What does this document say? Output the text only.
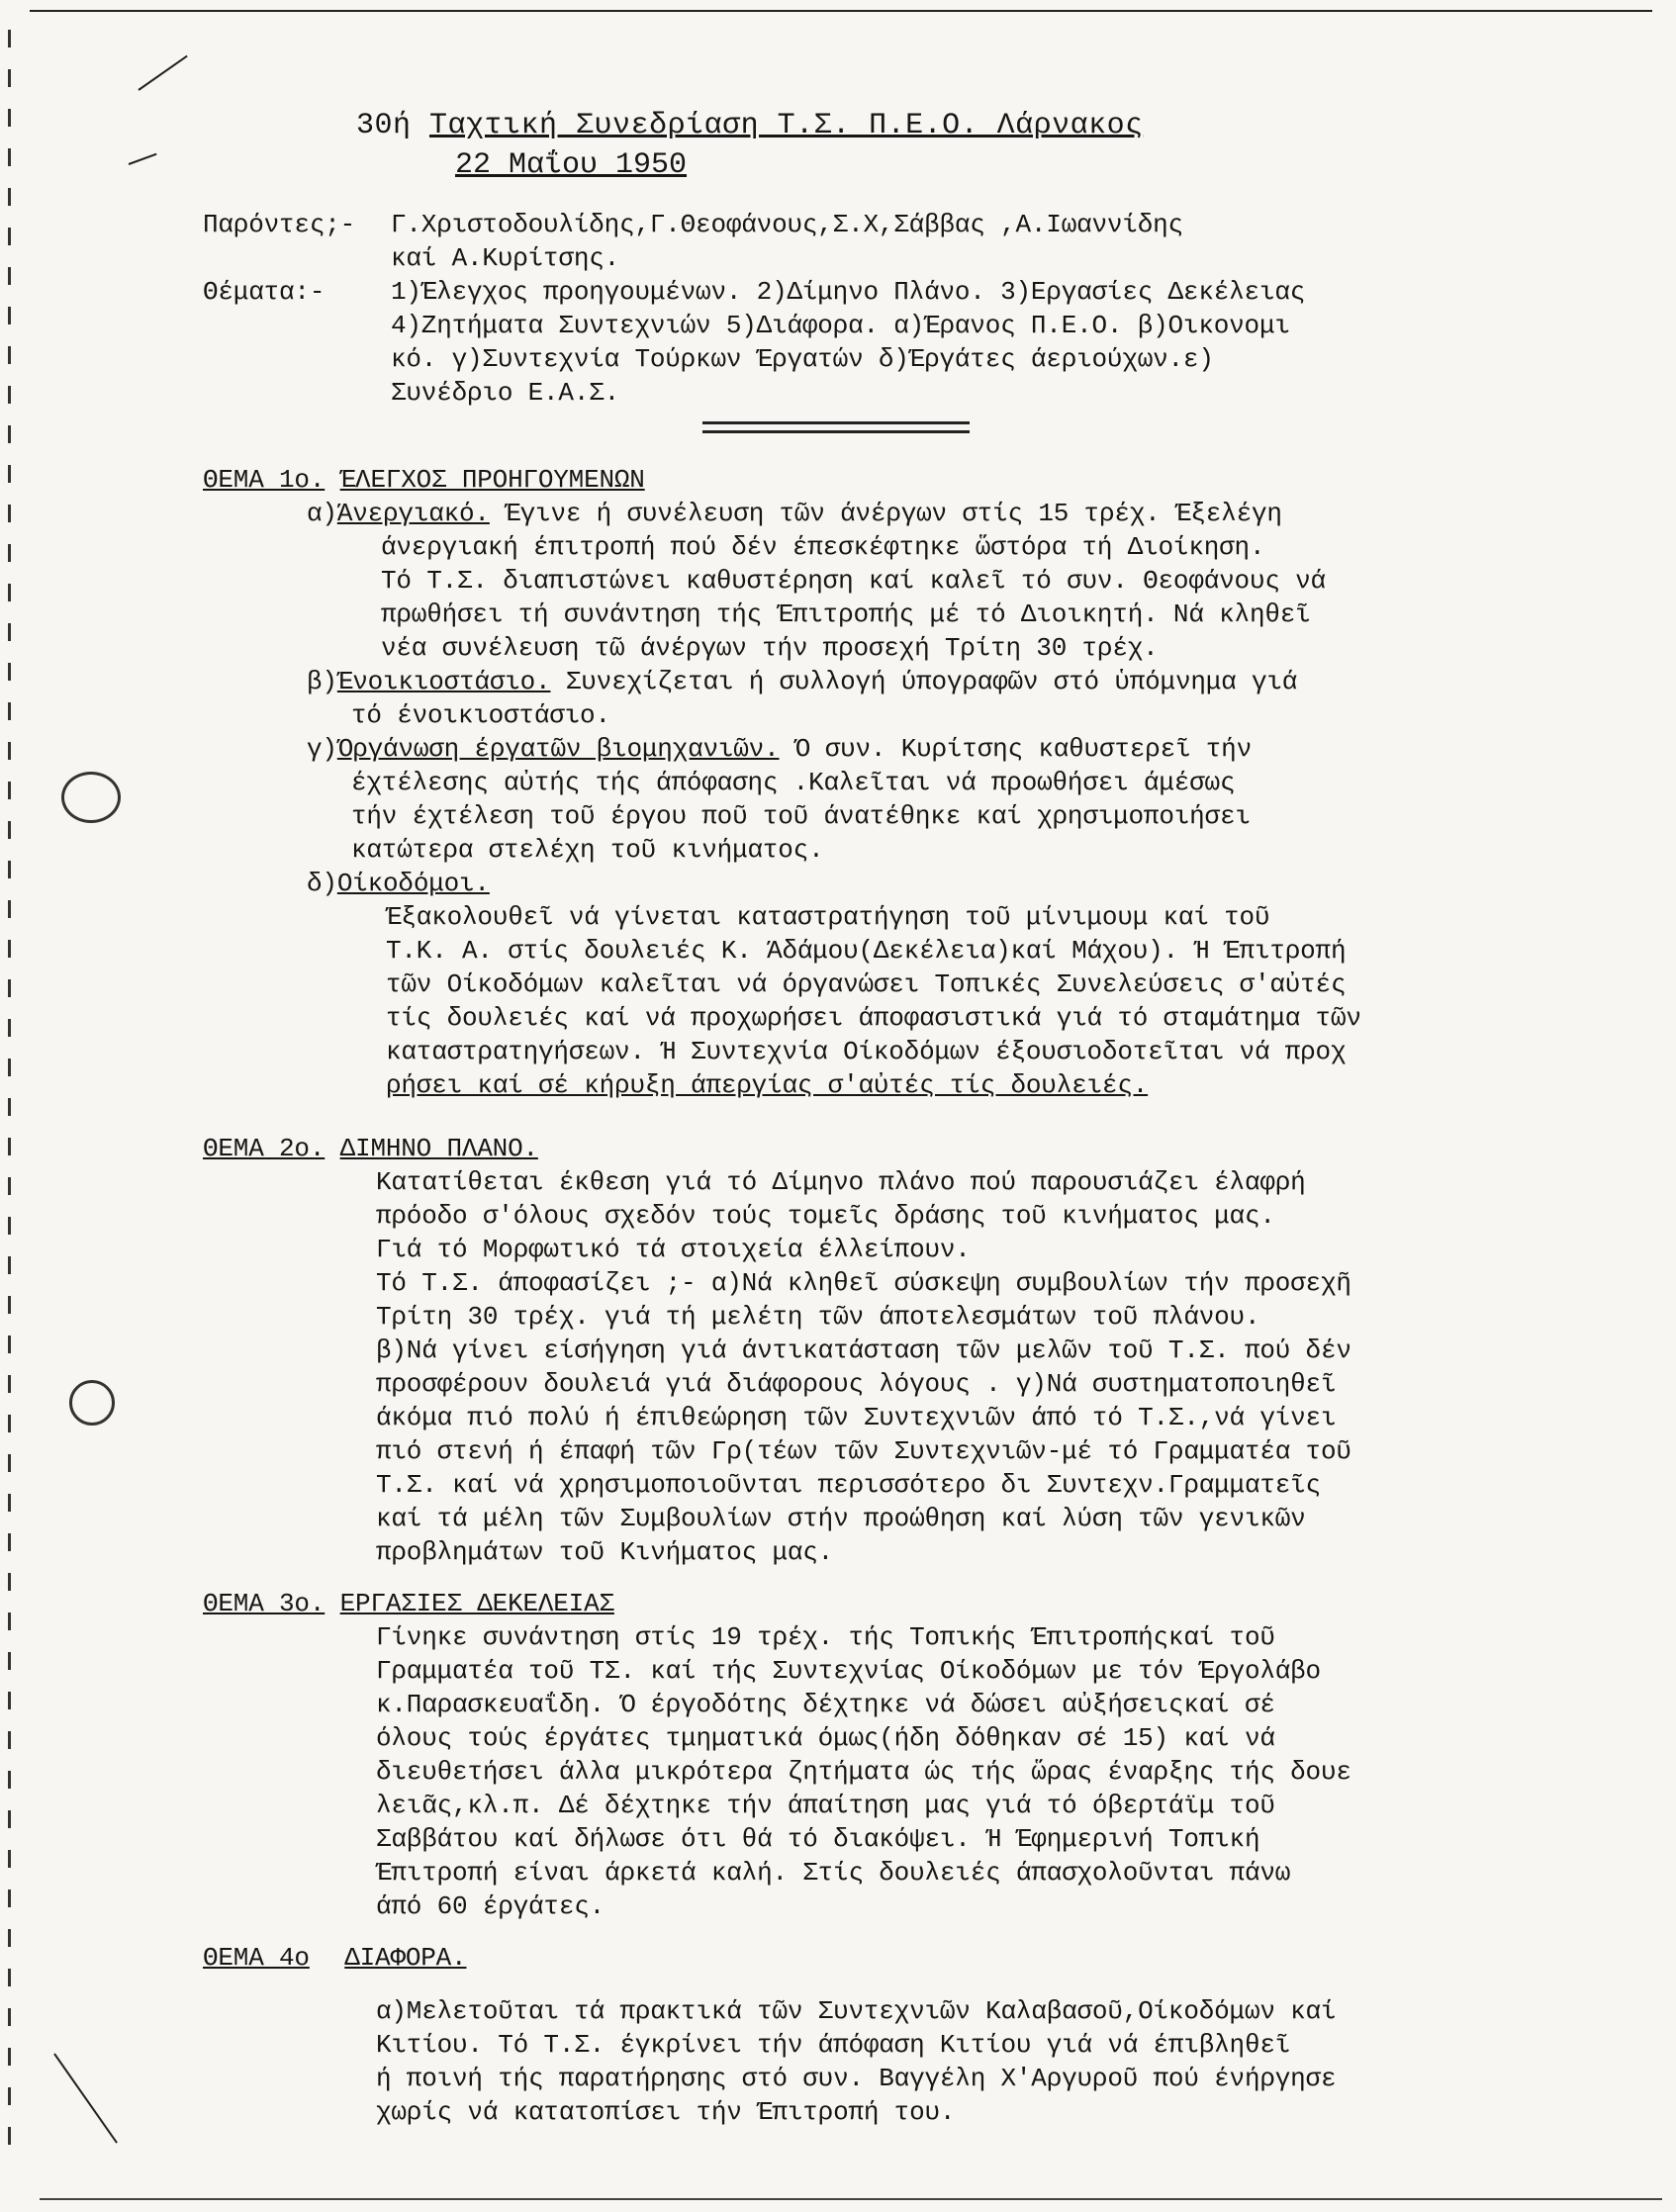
30ή Ταχτική Συνεδρίαση Τ.Σ. Π.Ε.Ο. Λάρνακος
22 Μαΐου 1950
Παρόντες;-	Γ.Χριστοδουλίδης,Γ.Θεοφάνους,Σ.Χ,Σάββας ,Α.Ιωαννίδης
καί Α.Κυρίτσης.
Θέματα:-	1)Έλεγχος προηγουμένων. 2)Δίμηνο Πλάνο. 3)Εργασίες Δεκέλειας
4)Ζητήματα Συντεχνιών 5)Διάφορα. α)Έρανος Π.Ε.Ο. β)Οικονομι
κό. γ)Συντεχνία Τούρκων Έργατών δ)Έργάτες άεριούχων.ε)
Συνέδριο Ε.Α.Σ.
ΘΕΜΑ 1ο. ΈΛΕΓΧΟΣ ΠΡΟΗΓΟΥΜΕΝΩΝ
α)Άνεργιακό. Έγινε ή συνέλευση τῶν άνέργων στίς 15 τρέχ. Έξελέγη
άνεργιακή έπιτροπή πού δέν έπεσκέφτηκε ὥστόρα τή Διοίκηση.
Τό Τ.Σ. διαπιστώνει καθυστέρηση καί καλεῖ τό συν. Θεοφάνους νά
πρωθήσει τή συνάντηση τής Έπιτροπής μέ τό Διοικητή. Νά κληθεῖ
νέα συνέλευση τῶ άνέργων τήν προσεχή Τρίτη 30 τρέχ.
β)Ένοικιοστάσιο. Συνεχίζεται ή συλλογή ύπογραφῶν στό ὑπόμνημα γιά
τό ένοικιοστάσιο.
γ)Όργάνωση έργατῶν βιομηχανιῶν. Ό συν. Κυρίτσης καθυστερεῖ τήν
έχτέλεσης αὐτής τής άπόφασης .Καλεῖται νά προωθήσει άμέσως
τήν έχτέλεση τοῦ έργου ποῦ τοῦ άνατέθηκε καί χρησιμοποιήσει
κατώτερα στελέχη τοῦ κινήματος.
δ)Οίκοδόμοι.
Έξακολουθεῖ νά γίνεται καταστρατήγηση τοῦ μίνιμουμ καί τοῦ
Τ.Κ. Α. στίς δουλειές Κ. Άδάμου(Δεκέλεια)καί Μάχου). Ή Έπιτροπή
τῶν Οίκοδόμων καλεῖται νά όργανώσει Τοπικές Συνελεύσεις σ'αὐτές
τίς δουλειές καί νά προχωρήσει άποφασιστικά γιά τό σταμάτημα τῶν
καταστρατηγήσεων. Ή Συντεχνία Οίκοδόμων έξουσιοδοτεῖται νά προχ
ρήσει καί σέ κήρυξη άπεργίας σ'αὐτές τίς δουλειές.
ΘΕΜΑ 2ο. ΔΙΜΗΝΟ ΠΛΑΝΟ.
Κατατίθεται έκθεση γιά τό Δίμηνο πλάνο πού παρουσιάζει έλαφρή
πρόοδο σ'όλους σχεδόν τούς τομεῖς δράσης τοῦ κινήματος μας.
Γιά τό Μορφωτικό τά στοιχεία έλλείπουν.
Τό Τ.Σ. άποφασίζει ;- α)Νά κληθεῖ σύσκεψη συμβουλίων τήν προσεχῆ
Τρίτη 30 τρέχ. γιά τή μελέτη τῶν άποτελεσμάτων τοῦ πλάνου.
β)Νά γίνει είσήγηση γιά άντικατάσταση τῶν μελῶν τοῦ Τ.Σ. πού δέν
προσφέρουν δουλειά γιά διάφορους λόγους . γ)Νά συστηματοποιηθεῖ
άκόμα πιό πολύ ή έπιθεώρηση τῶν Συντεχνιῶν άπό τό Τ.Σ.,νά γίνει
πιό στενή ή έπαφή τῶν Γρ(τέων τῶν Συντεχνιῶν-μέ τό Γραμματέα τοῦ
Τ.Σ. καί νά χρησιμοποιοῦνται περισσότερο δι Συντεχν.Γραμματεῖς
καί τά μέλη τῶν Συμβουλίων στήν προώθηση καί λύση τῶν γενικῶν
προβλημάτων τοῦ Κινήματος μας.
ΘΕΜΑ 3ο. ΕΡΓΑΣΙΕΣ ΔΕΚΕΛΕΙΑΣ
Γίνηκε συνάντηση στίς 19 τρέχ. τής Τοπικής Έπιτροπήςκαί τοῦ
Γραμματέα τοῦ ΤΣ. καί τής Συντεχνίας Οίκοδόμων με τόν Έργολάβο
κ.Παρασκευαΐδη. Ό έργοδότης δέχτηκε νά δώσει αὐξήσειςκαί σέ
όλους τούς έργάτες τμηματικά όμως(ήδη δόθηκαν σέ 15) καί νά
διευθετήσει άλλα μικρότερα ζητήματα ώς τής ὥρας έναρξης τής δουε
λειᾶς,κλ.π. Δέ δέχτηκε τήν άπαίτηση μας γιά τό όβερτάϊμ τοῦ
Σαββάτου καί δήλωσε ότι θά τό διακόψει. Ή Έφημερινή Τοπική
Έπιτροπή είναι άρκετά καλή. Στίς δουλειές άπασχολοῦνται πάνω
άπό 60 έργάτες.
ΘΕΜΑ 4ο ΔΙΑΦΟΡΑ.
α)Μελετοῦται τά πρακτικά τῶν Συντεχνιῶν Καλαβασοῦ,Οίκοδόμων καί
Κιτίου. Τό Τ.Σ. έγκρίνει τήν άπόφαση Κιτίου γιά νά έπιβληθεῖ
ή ποινή τής παρατήρησης στό συν. Βαγγέλη Χ'Αργυροῦ πού ένήργησε
χωρίς νά κατατοπίσει τήν Έπιτροπή του.
